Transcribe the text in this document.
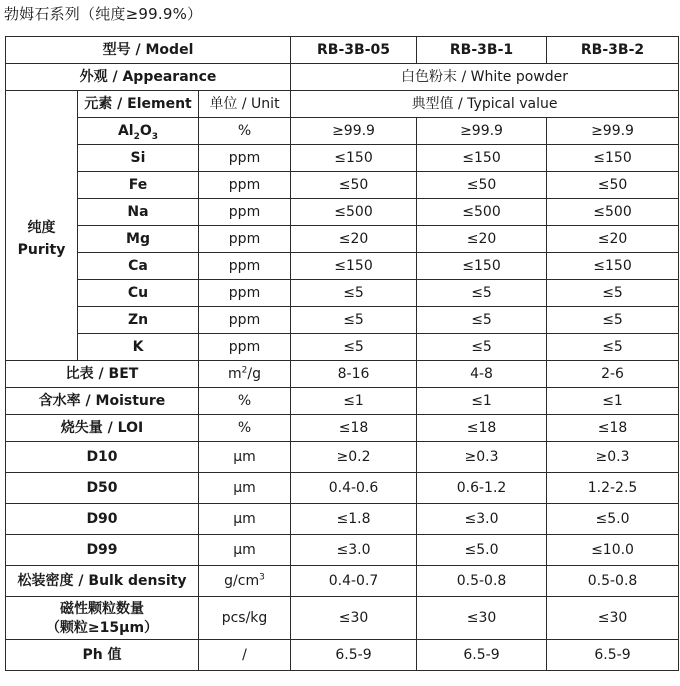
勃姆石系列（纯度≥99.9%）
型号 / Model			RB-3B-05	RB-3B-1	RB-3B-2
外观 / Appearance			白色粉末 / White powder		
	元素 / Element	单位 / Unit	典型值 / Typical value		

纯度
Purity	$Al_2O_3$	%	≥99.9	≥99.9	≥99.9
	Si	ppm	≤150	≤150	≤150
	Fe	ppm	≤50	≤50	≤50
	Na	ppm	≤500	≤500	≤500
	Mg	ppm	≤20	≤20	≤20
	Ca	ppm	≤150	≤150	≤150
	Cu	ppm	≤5	≤5	≤5
	Zn	ppm	≤5	≤5	≤5
	K	ppm	≤5	≤5	≤5
比表 / BET		$m^2/g$	8-16	4-8	2-6
含水率 / Moisture		%	≤1	≤1	≤1
烧失量 / LOI		%	≤18	≤18	≤18
D10		μm	≥0.2	≥0.3	≥0.3
D50		μm	0.4-0.6	0.6-1.2	1.2-2.5
D90		μm	≤1.8	≤3.0	≤5.0
D99		μm	≤3.0	≤5.0	≤10.0
松装密度 / Bulk density		$g/cm^3$	0.4-0.7	0.5-0.8	0.5-0.8

磁性颗粒数量
（颗粒≥15μm）		pcs/kg	≤30	≤30	≤30
Ph 值		/	6.5-9	6.5-9	6.5-9
